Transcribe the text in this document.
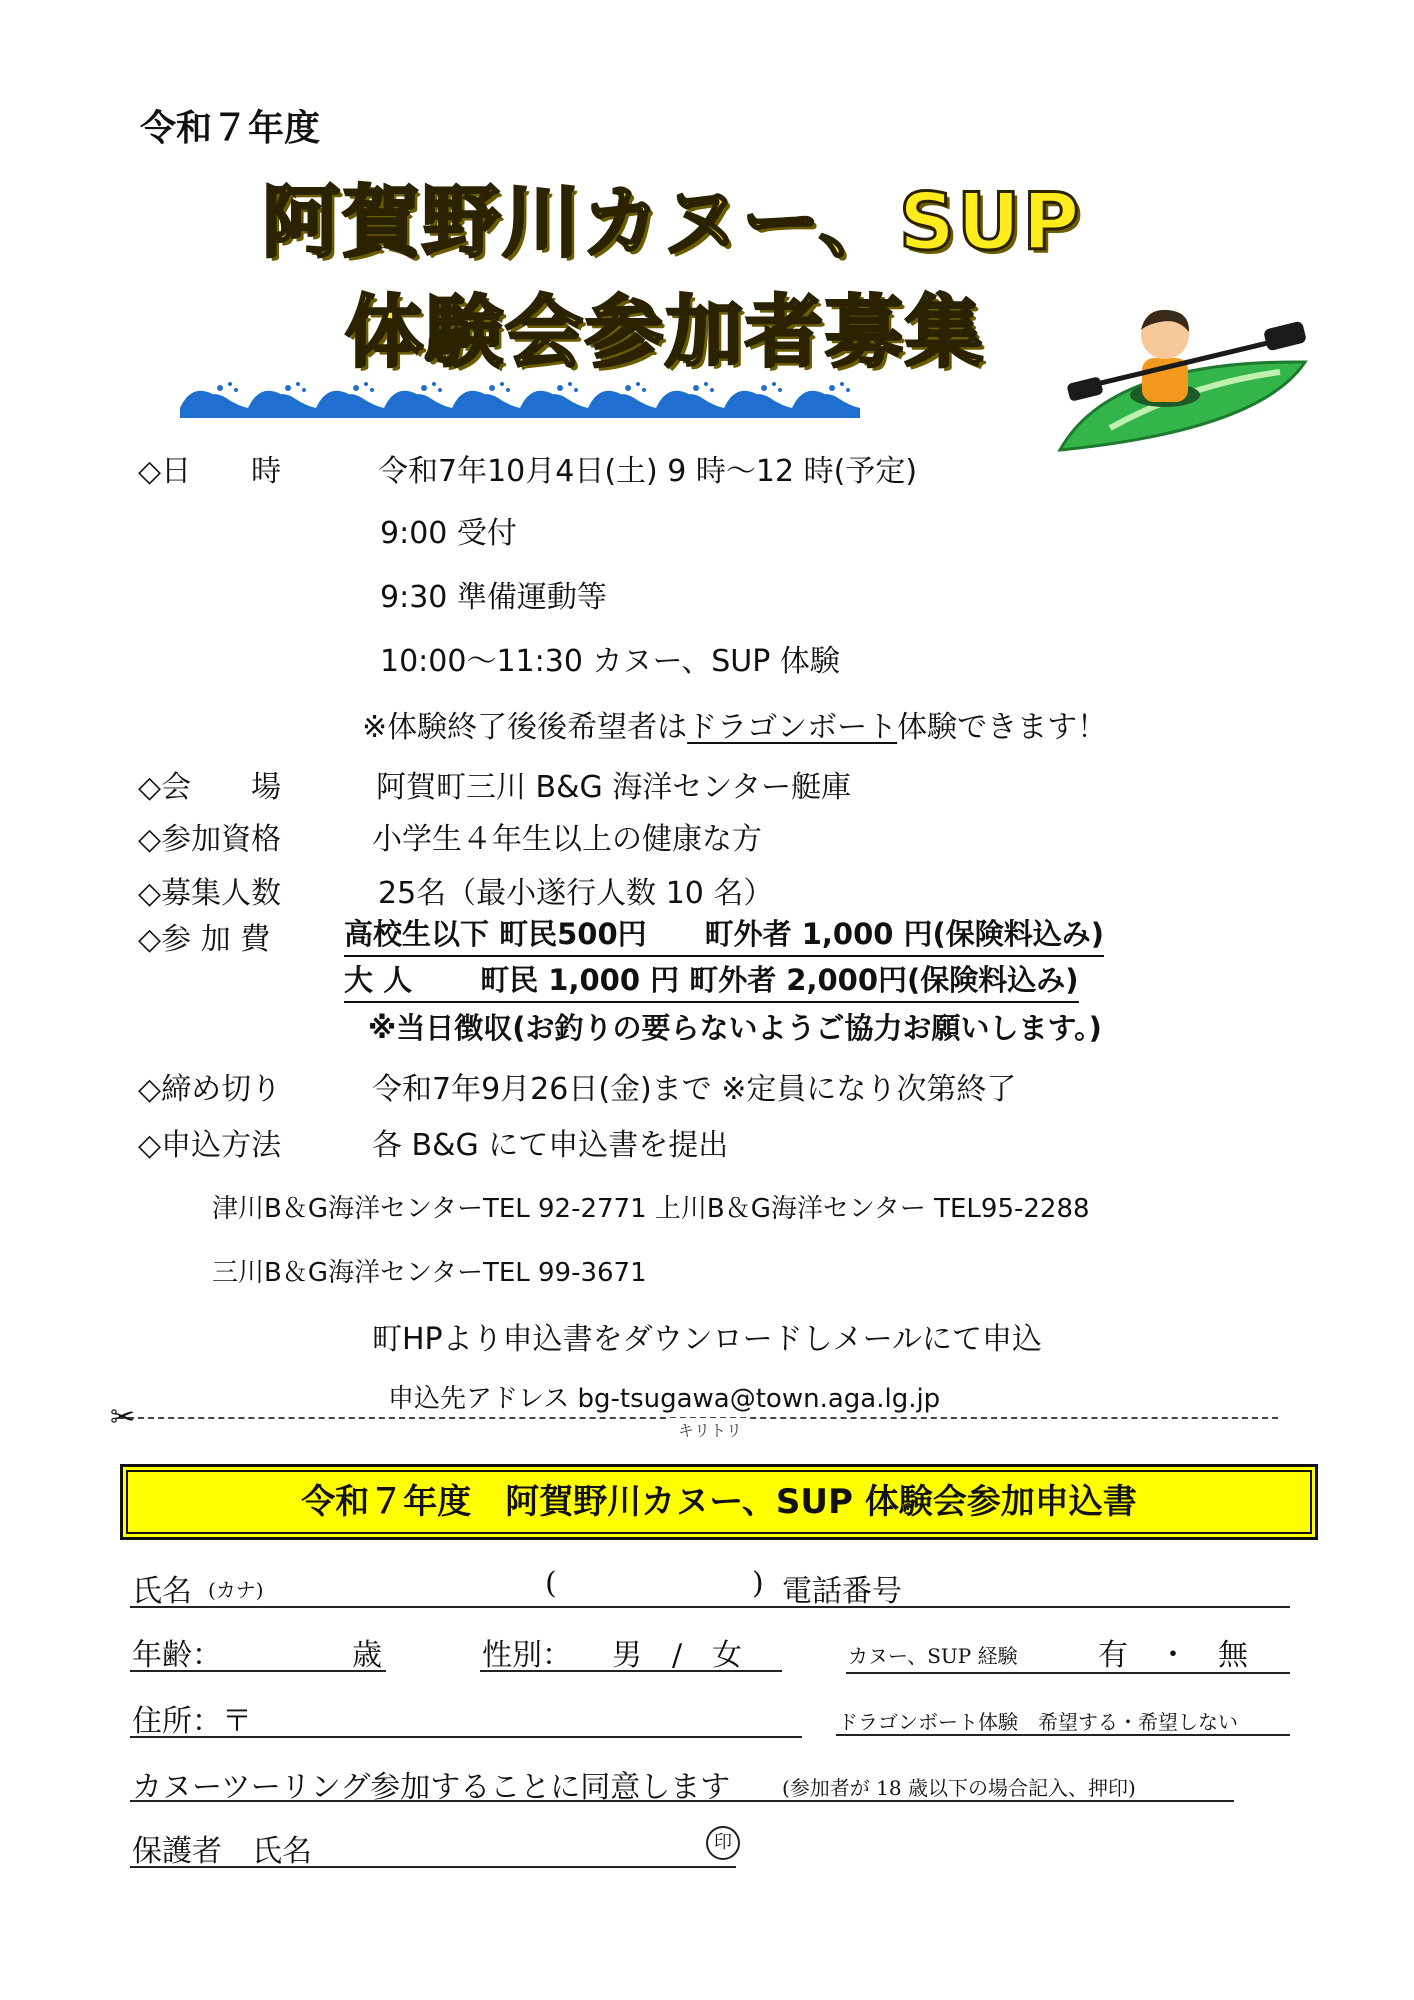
令和７年度
阿賀野川カヌー、SUP
体験会参加者募集
◇日　　時	令和7年10月4日(土) 9 時～12 時(予定)
9:00 受付
9:30 準備運動等
10:00～11:30 カヌー、SUP 体験
※体験終了後後希望者はドラゴンボート体験できます！
◇会　　場	阿賀町三川 B&G 海洋センター艇庫
◇参加資格	小学生４年生以上の健康な方
◇募集人数	25名（最小遂行人数 10 名）
◇参 加 費	高校生以下 町民500円　　町外者 1,000 円(保険料込み)
大 人　　 町民 1,000 円 町外者 2,000円(保険料込み)
※当日徴収(お釣りの要らないようご協力お願いします。)
◇締め切り	令和7年9月26日(金)まで ※定員になり次第終了
◇申込方法	各 B&G にて申込書を提出
津川B＆G海洋センターTEL 92-2771 上川B＆G海洋センター TEL95-2288
三川B＆G海洋センターTEL 99-3671
町HPより申込書をダウンロードしメールにて申込
申込先アドレス bg-tsugawa@town.aga.lg.jp
✂	キリトリ
令和７年度　阿賀野川カヌー、SUP 体験会参加申込書
氏名 (カナ)	(	) 電話番号
年齢：	歳	性別： 男　/　女	カヌー、SUP 経験	有　・　無
住所：〒	ドラゴンボート体験　希望する・希望しない
カヌーツーリング参加することに同意します	(参加者が 18 歳以下の場合記入、押印)
保護者　氏名	印
